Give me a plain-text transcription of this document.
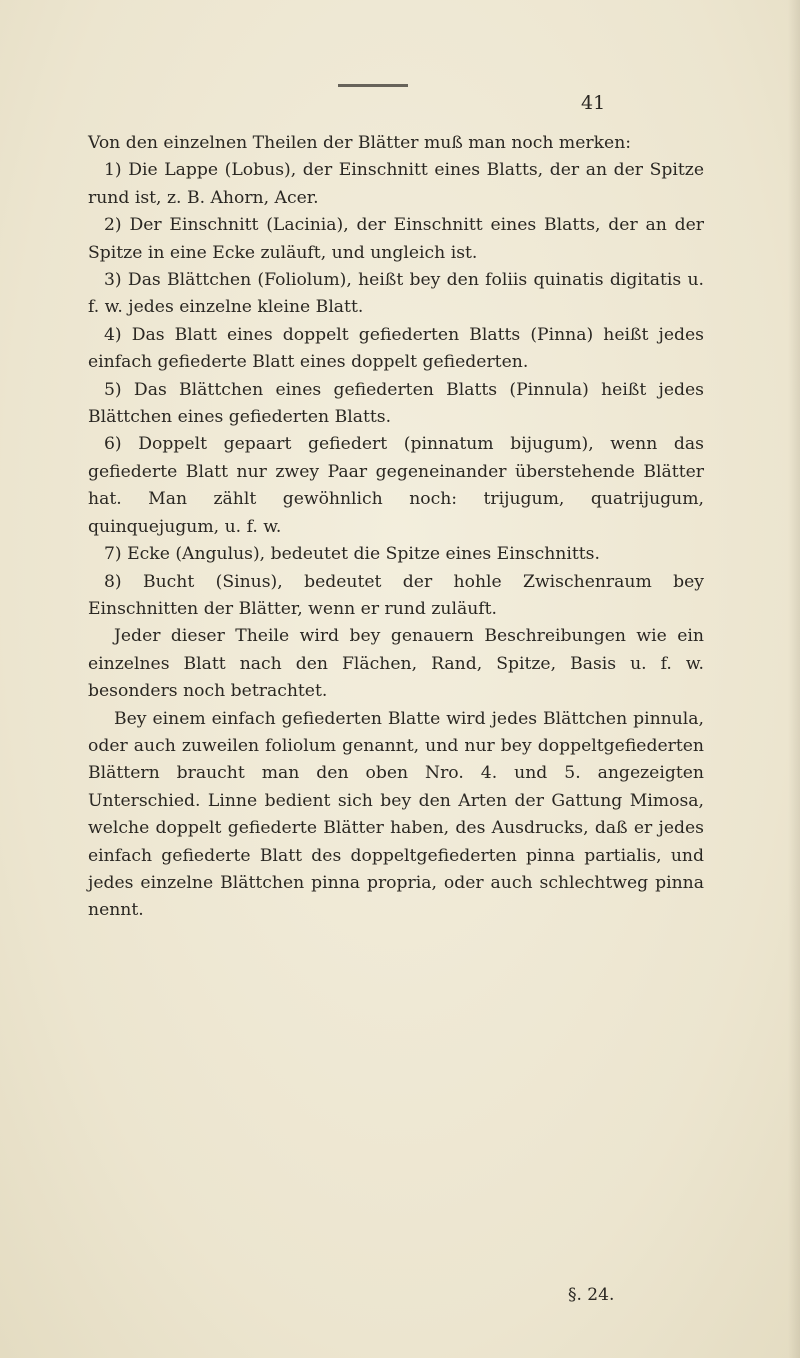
41

Von den einzelnen Theilen der Blätter muß man noch merken:

1) Die Lappe (Lobus), der Einschnitt eines Blatts, der an der Spitze rund ist, z. B. Ahorn, Acer.

2) Der Einschnitt (Lacinia), der Einschnitt eines Blatts, der an der Spitze in eine Ecke zuläuft, und ungleich ist.

3) Das Blättchen (Foliolum), heißt bey den foliis quinatis digitatis u. f. w. jedes einzelne kleine Blatt.

4) Das Blatt eines doppelt gefiederten Blatts (Pinna) heißt jedes einfach gefiederte Blatt eines doppelt gefiederten.

5) Das Blättchen eines gefiederten Blatts (Pinnula) heißt jedes Blättchen eines gefiederten Blatts.

6) Doppelt gepaart gefiedert (pinnatum bijugum), wenn das gefiederte Blatt nur zwey Paar gegeneinander überstehende Blätter hat. Man zählt gewöhnlich noch: trijugum, quatrijugum, quinquejugum, u. f. w.

7) Ecke (Angulus), bedeutet die Spitze eines Einschnitts.

8) Bucht (Sinus), bedeutet der hohle Zwischenraum bey Einschnitten der Blätter, wenn er rund zuläuft.

Jeder dieser Theile wird bey genauern Beschreibungen wie ein einzelnes Blatt nach den Flächen, Rand, Spitze, Basis u. f. w. besonders noch betrachtet.

Bey einem einfach gefiederten Blatte wird jedes Blättchen pinnula, oder auch zuweilen foliolum genannt, und nur bey doppeltgefiederten Blättern braucht man den oben Nro. 4. und 5. angezeigten Unterschied. Linne bedient sich bey den Arten der Gattung Mimosa, welche doppelt gefiederte Blätter haben, des Ausdrucks, daß er jedes einfach gefiederte Blatt des doppeltgefiederten pinna partialis, und jedes einzelne Blättchen pinna propria, oder auch schlechtweg pinna nennt.

§. 24.
